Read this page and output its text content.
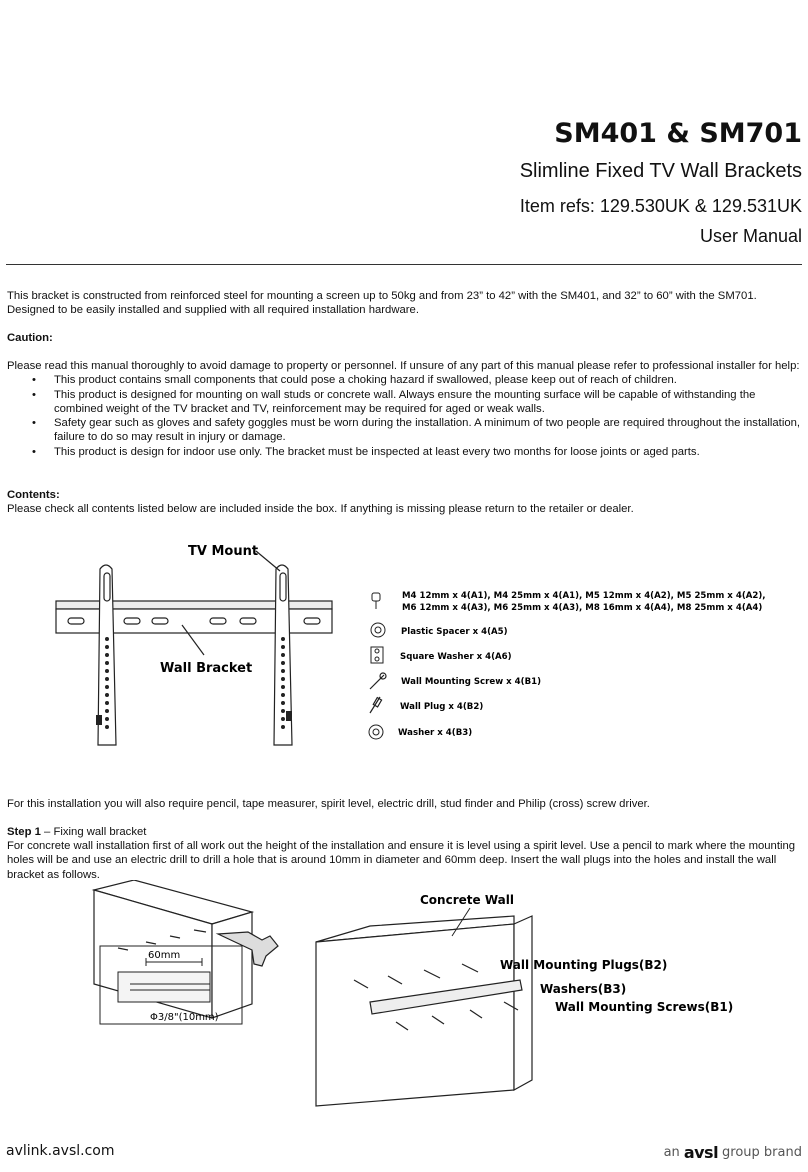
SM401 & SM701
Slimline Fixed TV Wall Brackets
Item refs: 129.530UK & 129.531UK
User Manual
This bracket is constructed from reinforced steel for mounting a screen up to 50kg and from 23” to 42” with the SM401, and 32” to 60” with the SM701. Designed to be easily installed and supplied with all required installation hardware.
Caution:
Please read this manual thoroughly to avoid damage to property or personnel. If unsure of any part of this manual please refer to professional installer for help:
• This product contains small components that could pose a choking hazard if swallowed, please keep out of reach of children.
• This product is designed for mounting on wall studs or concrete wall. Always ensure the mounting surface will be capable of withstanding the combined weight of the TV bracket and TV, reinforcement may be required for aged or weak walls.
• Safety gear such as gloves and safety goggles must be worn during the installation. A minimum of two people are required throughout the installation, failure to do so may result in injury or damage.
• This product is design for indoor use only. The bracket must be inspected at least every two months for loose joints or aged parts.
Contents:
Please check all contents listed below are included inside the box. If anything is missing please return to the retailer or dealer.
TV Mount
Wall Bracket
M4 12mm x 4(A1), M4 25mm x 4(A1), M5 12mm x 4(A2), M5 25mm x 4(A2),
M6 12mm x 4(A3), M6 25mm x 4(A3), M8 16mm x 4(A4), M8 25mm x 4(A4)
Plastic Spacer x 4(A5)
Square Washer x 4(A6)
Wall Mounting Screw x 4(B1)
Wall Plug x 4(B2)
Washer x 4(B3)
For this installation you will also require pencil, tape measurer, spirit level, electric drill, stud finder and Philip (cross) screw driver.
Step 1 – Fixing wall bracket
For concrete wall installation first of all work out the height of the installation and ensure it is level using a spirit level. Use a pencil to mark where the mounting holes will be and use an electric drill to drill a hole that is around 10mm in diameter and 60mm deep. Insert the wall plugs into the holes and install the wall bracket as follows.
60mm
Φ3/8"(10mm)
Concrete Wall
Wall Mounting Plugs(B2)
Washers(B3)
Wall Mounting Screws(B1)
avlink.avsl.com	an avsl group brand
